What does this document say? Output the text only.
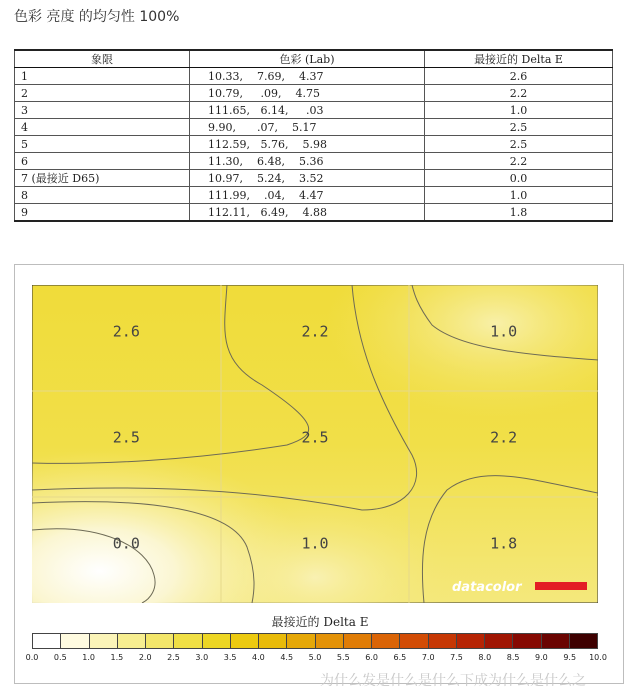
色彩 亮度 的均匀性 100%
象限	色彩 (Lab)	最接近的 Delta E
1	10.33,    7.69,    4.37	2.6
2	10.79,     .09,    4.75	2.2
3	111.65,   6.14,     .03	1.0
4	9.90,      .07,    5.17	2.5
5	112.59,   5.76,    5.98	2.5
6	11.30,    6.48,    5.36	2.2
7 (最接近 D65)	10.97,    5.24,    3.52	0.0
8	111.99,    .04,    4.47	1.0
9	112.11,   6.49,    4.88	1.8
2.6	2.2	1.0
2.5	2.5	2.2
0.0	1.0	1.8
datacolor
最接近的 Delta E
0.0 0.5 1.0 1.5 2.0 2.5 3.0 3.5 4.0 4.5 5.0 5.5 6.0 6.5 7.0 7.5 8.0 8.5 9.0 9.5 10.0
为什么发是什么是什么下成为什么是什么之
